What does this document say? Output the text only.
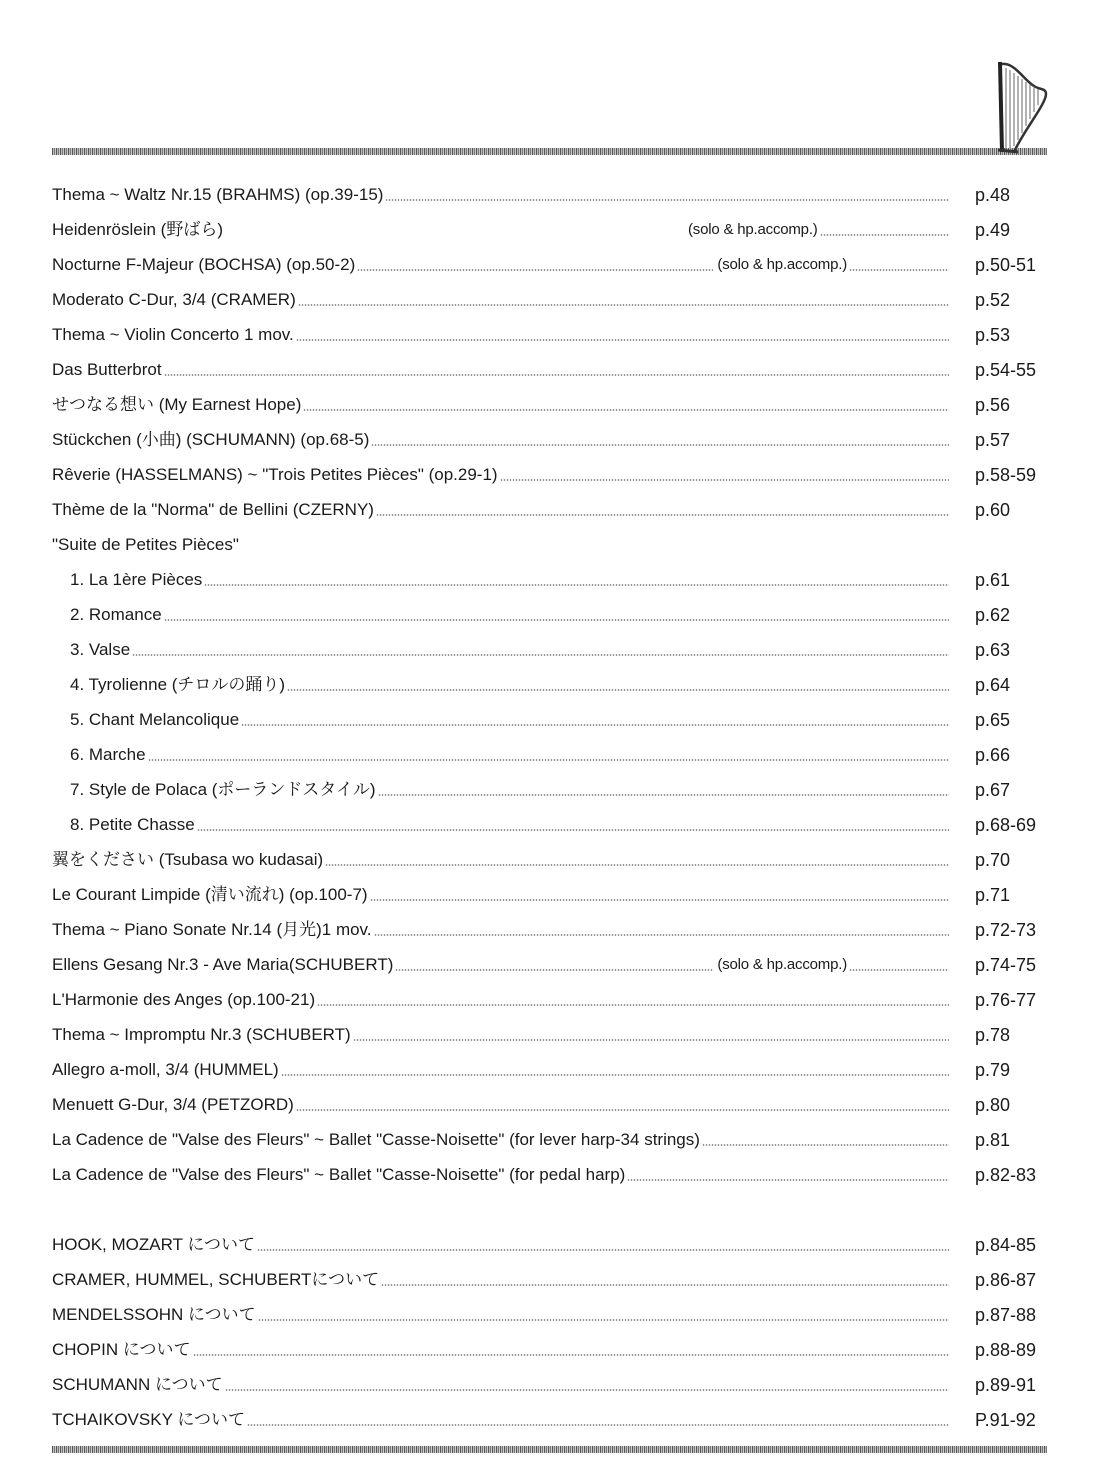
Thema ~ Waltz Nr.15 (BRAHMS) (op.39-15)	p.48
Heidenröslein (野ばら)	(solo & hp.accomp.)	p.49
Nocturne F-Majeur (BOCHSA) (op.50-2)	(solo & hp.accomp.)	p.50-51
Moderato C-Dur, 3/4 (CRAMER)	p.52
Thema ~ Violin Concerto 1 mov.	p.53
Das Butterbrot	p.54-55
せつなる想い (My Earnest Hope)	p.56
Stückchen (小曲) (SCHUMANN) (op.68-5)	p.57
Rêverie (HASSELMANS) ~ "Trois Petites Pièces" (op.29-1)	p.58-59
Thème de la "Norma" de Bellini (CZERNY)	p.60
"Suite de Petites Pièces"
1. La 1ère Pièces	p.61
2. Romance	p.62
3. Valse	p.63
4. Tyrolienne (チロルの踊り)	p.64
5. Chant Melancolique	p.65
6. Marche	p.66
7. Style de Polaca (ポーランドスタイル)	p.67
8. Petite Chasse	p.68-69
翼をください (Tsubasa wo kudasai)	p.70
Le Courant Limpide (清い流れ) (op.100-7)	p.71
Thema ~ Piano Sonate Nr.14 (月光)1 mov.	p.72-73
Ellens Gesang Nr.3 - Ave Maria(SCHUBERT)	(solo & hp.accomp.)	p.74-75
L'Harmonie des Anges (op.100-21)	p.76-77
Thema ~ Impromptu Nr.3 (SCHUBERT)	p.78
Allegro a-moll, 3/4 (HUMMEL)	p.79
Menuett G-Dur, 3/4 (PETZORD)	p.80
La Cadence de "Valse des Fleurs" ~ Ballet "Casse-Noisette" (for lever harp-34 strings)	p.81
La Cadence de "Valse des Fleurs" ~ Ballet "Casse-Noisette" (for pedal harp)	p.82-83
HOOK, MOZART について	p.84-85
CRAMER, HUMMEL, SCHUBERTについて	p.86-87
MENDELSSOHN について	p.87-88
CHOPIN について	p.88-89
SCHUMANN について	p.89-91
TCHAIKOVSKY について	P.91-92
